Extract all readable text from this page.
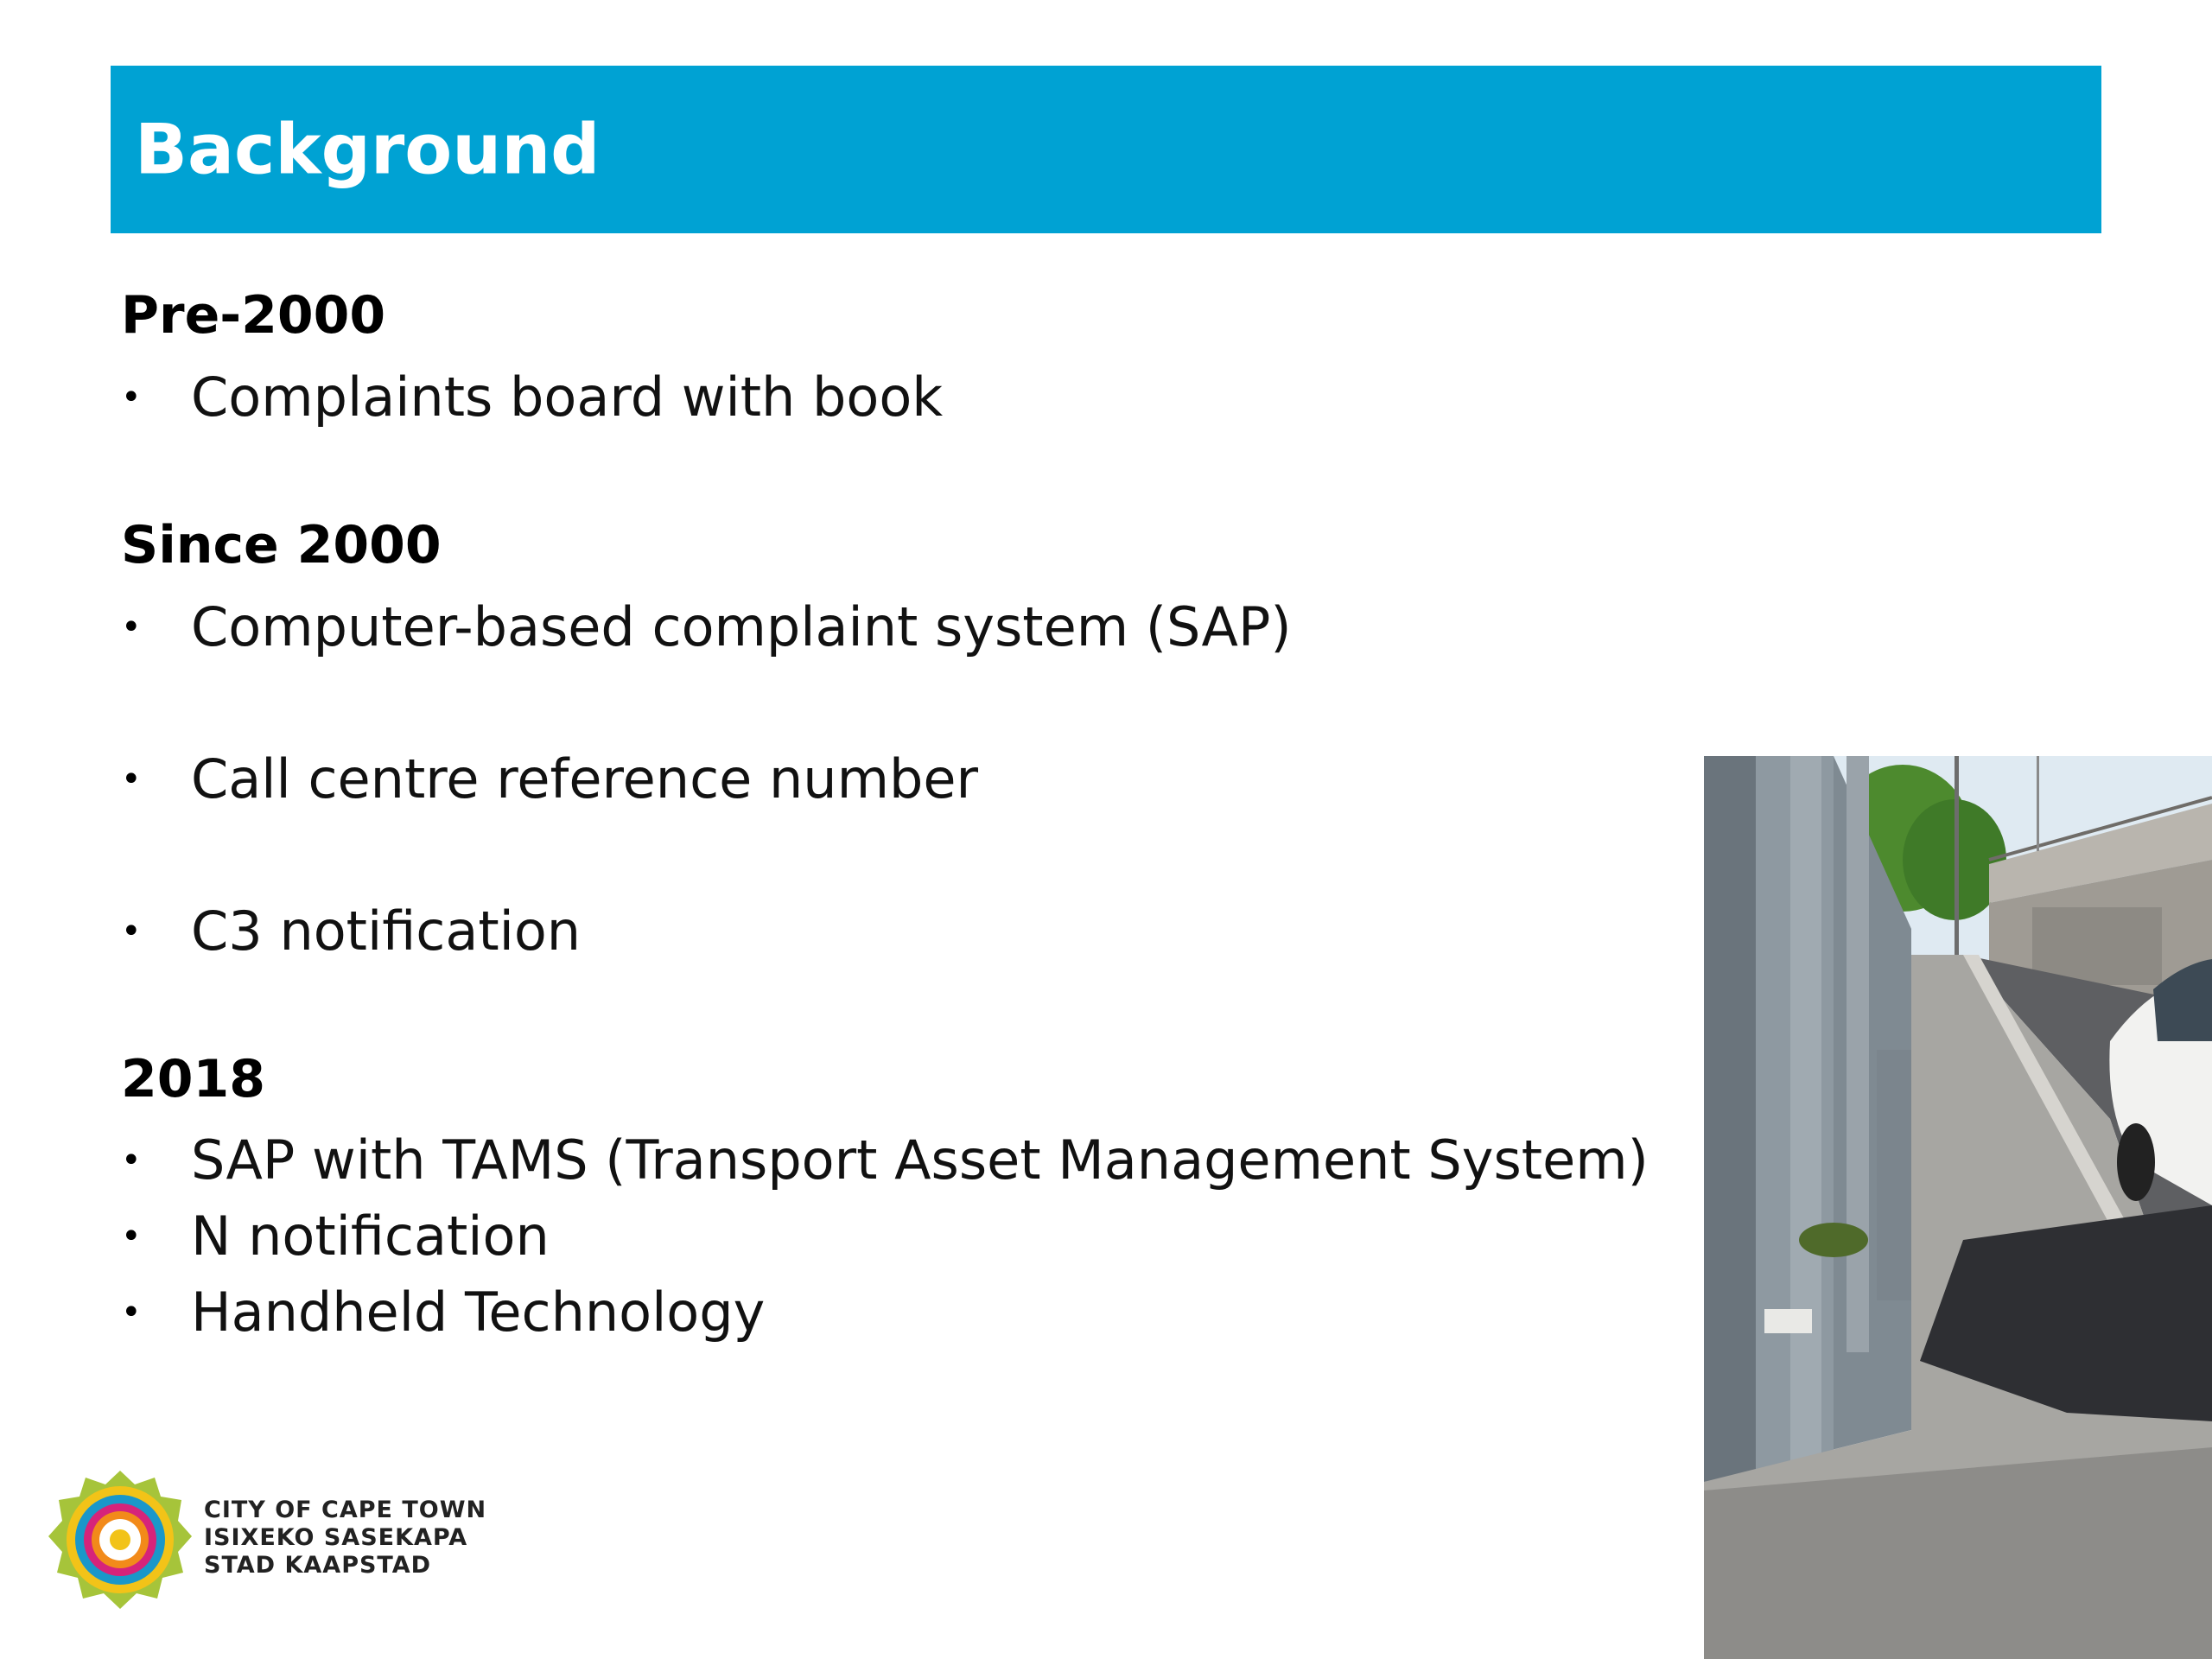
Background
Pre-2000
• Complaints board with book
Since 2000
• Computer-based complaint system (SAP)
• Call centre reference number
• C3 notification
2018
• SAP with TAMS (Transport Asset Management System)
• N notification
• Handheld Technology
CITY OF CAPE TOWN
ISIXEKO SASEKAPA
STAD KAAPSTAD
